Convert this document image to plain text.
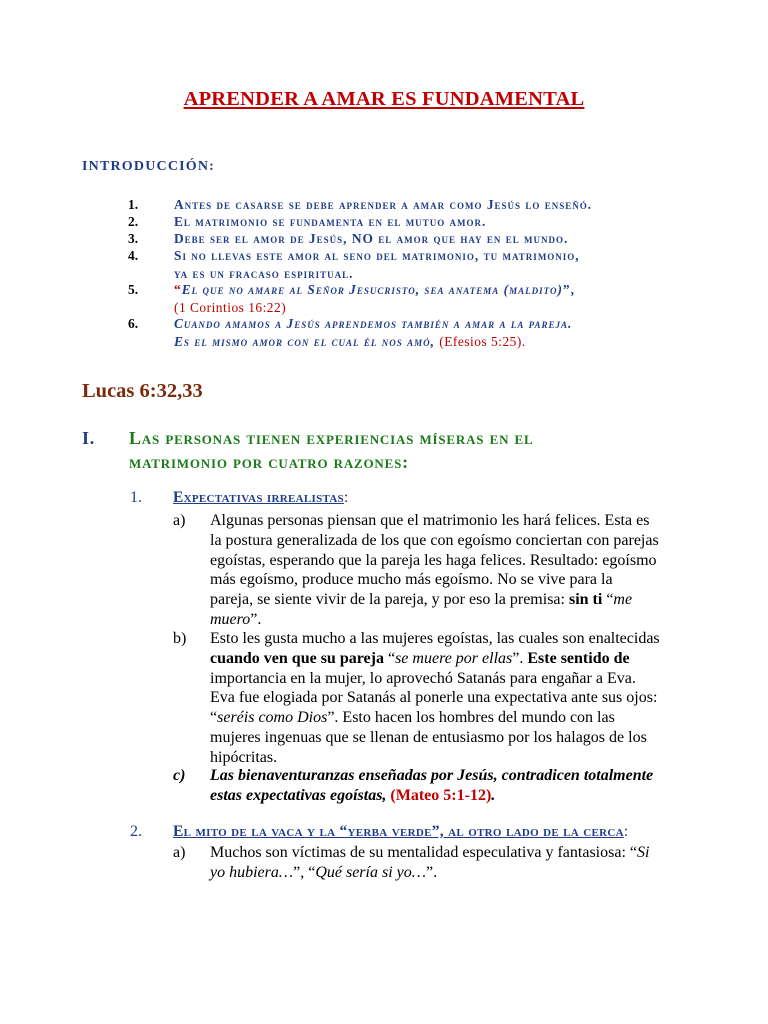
APRENDER A AMAR ES FUNDAMENTAL
INTRODUCCIÓN:
1.	Antes de casarse se debe aprender a amar como Jesús lo enseñó.
2.	El matrimonio se fundamenta en el mutuo amor.
3.	Debe ser el amor de Jesús, NO el amor que hay en el mundo.
4.	Si no llevas este amor al seno del matrimonio, tu matrimonio,
ya es un fracaso espiritual.
5.	“El que no amare al Señor Jesucristo, sea anatema (maldito)”,
(1 Corintios 16:22)
6.	Cuando amamos a Jesús aprendemos también a amar a la pareja.
Es el mismo amor con el cual él nos amó, (Efesios 5:25).
Lucas 6:32,33
I. Las personas tienen experiencias míseras en el
matrimonio por cuatro razones:
1. Expectativas irrealistas:
a) Algunas personas piensan que el matrimonio les hará felices. Esta es
la postura generalizada de los que con egoísmo conciertan con parejas
egoístas, esperando que la pareja les haga felices. Resultado: egoísmo
más egoísmo, produce mucho más egoísmo. No se vive para la
pareja, se siente vivir de la pareja, y por eso la premisa: sin ti “me
muero”.
b) Esto les gusta mucho a las mujeres egoístas, las cuales son enaltecidas
cuando ven que su pareja “se muere por ellas”. Este sentido de
importancia en la mujer, lo aprovechó Satanás para engañar a Eva.
Eva fue elogiada por Satanás al ponerle una expectativa ante sus ojos:
“seréis como Dios”. Esto hacen los hombres del mundo con las
mujeres ingenuas que se llenan de entusiasmo por los halagos de los
hipócritas.
c) Las bienaventuranzas enseñadas por Jesús, contradicen totalmente
estas expectativas egoístas, (Mateo 5:1-12).
2. El mito de la vaca y la “yerba verde”, al otro lado de la cerca:
a) Muchos son víctimas de su mentalidad especulativa y fantasiosa: “Si
yo hubiera…”, “Qué sería si yo…”.
